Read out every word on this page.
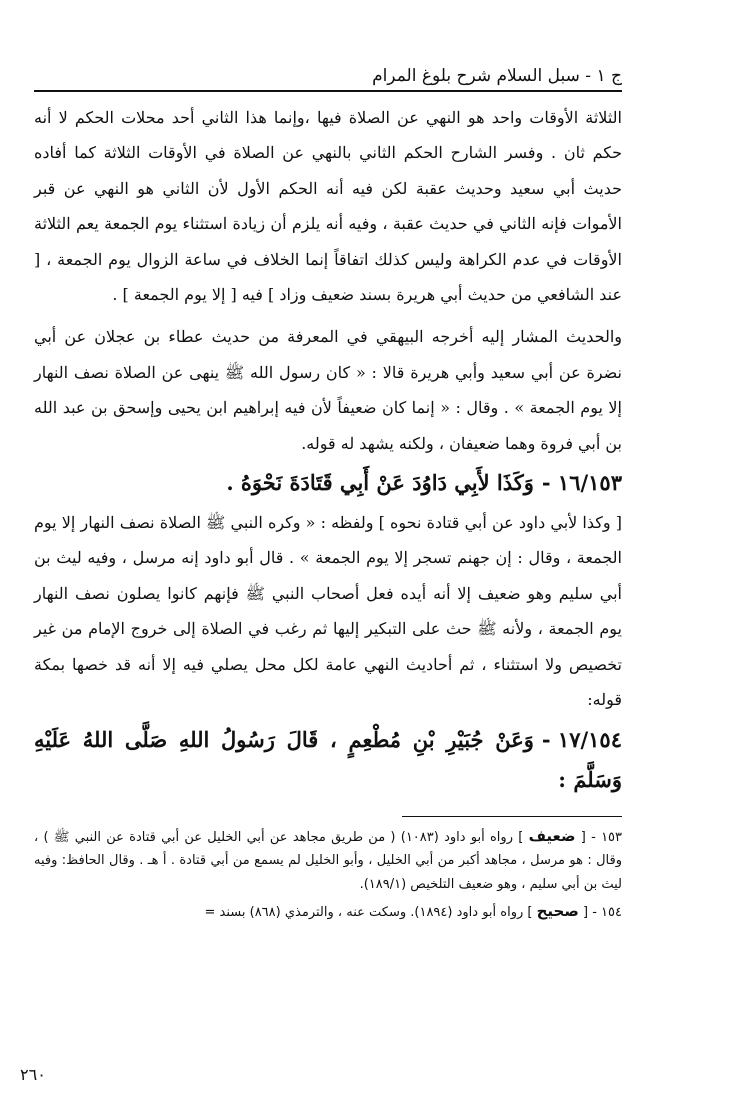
ج ١ - سبل السلام شرح بلوغ المرام

الثلاثة الأوقات واحد هو النهي عن الصلاة فيها ،وإنما هذا الثاني أحد محلات الحكم لا أنه حكم ثان . وفسر الشارح الحكم الثاني بالنهي عن الصلاة في الأوقات الثلاثة كما أفاده حديث أبي سعيد وحديث عقبة لكن فيه أنه الحكم الأول لأن الثاني هو النهي عن قبر الأموات فإنه الثاني في حديث عقبة ، وفيه أنه يلزم أن زيادة استثناء يوم الجمعة يعم الثلاثة الأوقات في عدم الكراهة وليس كذلك اتفاقاً إنما الخلاف في ساعة الزوال يوم الجمعة ، [ عند الشافعي من حديث أبي هريرة بسند ضعيف وزاد ] فيه [ إلا يوم الجمعة ] .

والحديث المشار إليه أخرجه البيهقي في المعرفة من حديث عطاء بن عجلان عن أبي نضرة عن أبي سعيد وأبي هريرة قالا : « كان رسول الله ﷺ ينهى عن الصلاة نصف النهار إلا يوم الجمعة » . وقال : « إنما كان ضعيفاً لأن فيه إبراهيم ابن يحيى وإسحق بن عبد الله بن أبي فروة وهما ضعيفان ، ولكنه يشهد له قوله.

١٦/١٥٣ -وَكَذَا لأَبِي دَاوُدَ عَنْ أَبِي قَتَادَةَ نَحْوَهُ .

[ وكذا لأبي داود عن أبي قتادة نحوه ] ولفظه : « وكره النبي ﷺ الصلاة نصف النهار إلا يوم الجمعة ، وقال : إن جهنم تسجر إلا يوم الجمعة » . قال أبو داود إنه مرسل ، وفيه ليث بن أبي سليم وهو ضعيف إلا أنه أيده فعل أصحاب النبي ﷺ فإنهم كانوا يصلون نصف النهار يوم الجمعة ، ولأنه ﷺ حث على التبكير إليها ثم رغب في الصلاة إلى خروج الإمام من غير تخصيص ولا استثناء ، ثم أحاديث النهي عامة لكل محل يصلي فيه إلا أنه قد خصها بمكة قوله:

١٧/١٥٤ -وَعَنْ جُبَيْرِ بْنِ مُطْعِمٍ ، قَالَ رَسُولُ اللهِ صَلَّى اللهُ عَلَيْهِ وَسَلَّمَ :

١٥٣ - [ ضعيف ] رواه أبو داود (١٠٨٣) ( من طريق مجاهد عن أبي الخليل عن أبي قتادة عن النبي ﷺ ) ، وقال : هو مرسل ، مجاهد أكبر من أبي الخليل ، وأبو الخليل لم يسمع من أبي قتادة . أ هـ . وقال الحافظ: وفيه ليث بن أبي سليم ، وهو ضعيف التلخيص (١٨٩/١).

١٥٤ - [ صحيح ] رواه أبو داود (١٨٩٤). وسكت عنه ، والترمذي (٨٦٨) بسند =

٢٦٠
